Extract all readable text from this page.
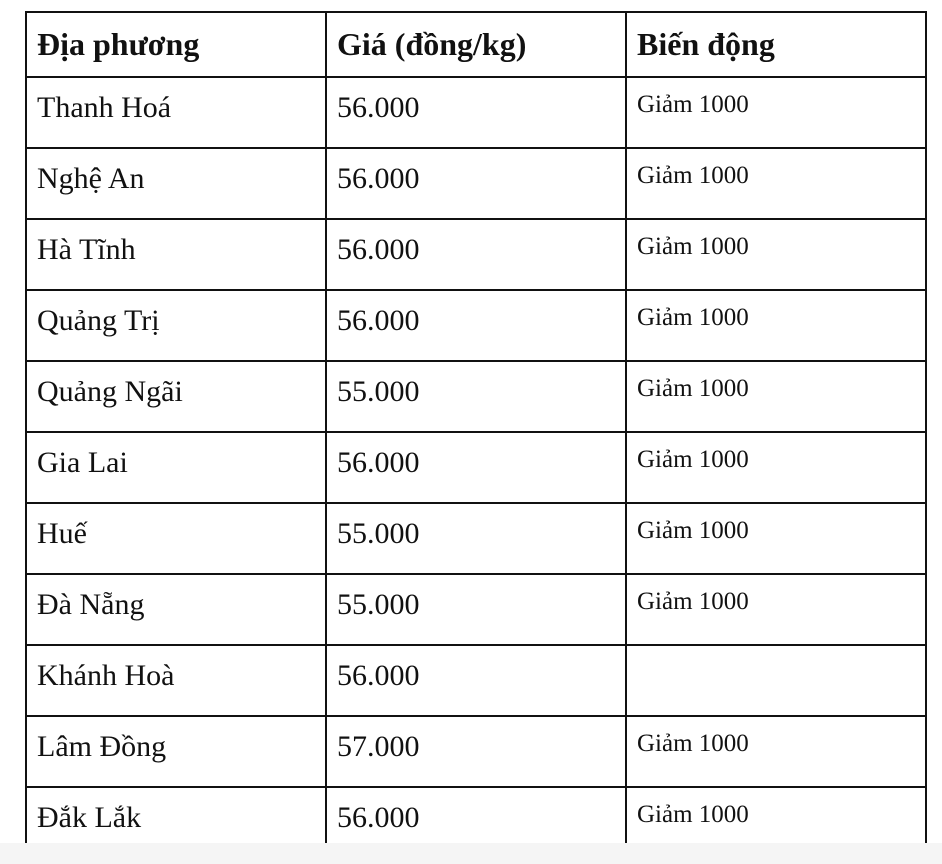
Địa phương	Giá (đồng/kg)	Biến động
Thanh Hoá	56.000	Giảm 1000
Nghệ An	56.000	Giảm 1000
Hà Tĩnh	56.000	Giảm 1000
Quảng Trị	56.000	Giảm 1000
Quảng Ngãi	55.000	Giảm 1000
Gia Lai	56.000	Giảm 1000
Huế	55.000	Giảm 1000
Đà Nẵng	55.000	Giảm 1000
Khánh Hoà	56.000	
Lâm Đồng	57.000	Giảm 1000
Đắk Lắk	56.000	Giảm 1000
